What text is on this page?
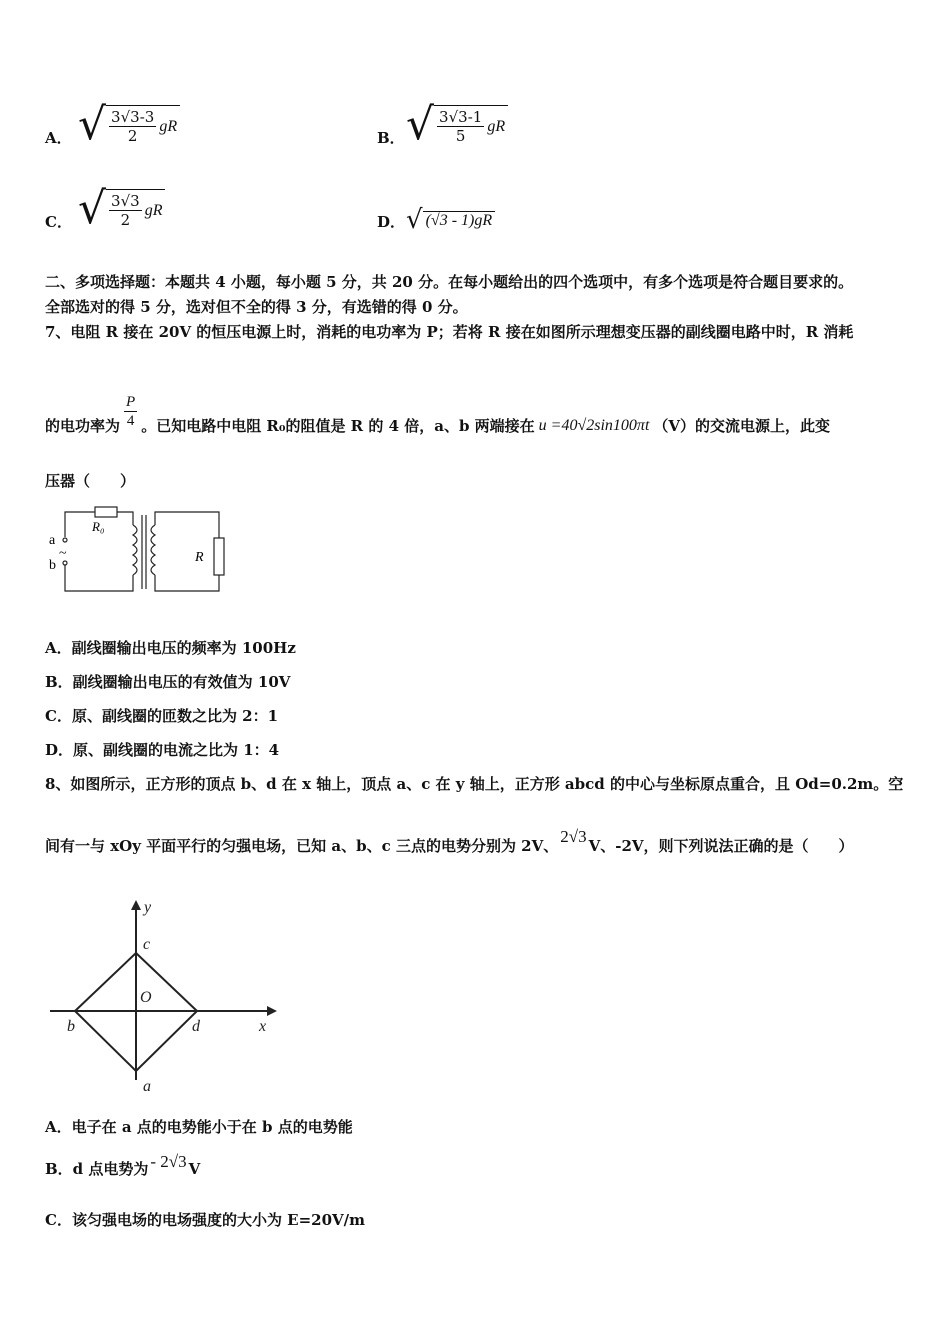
A． √ $\frac{3√3-3}{2}$ gR
B． √ $\frac{3√3-1}{5}$ gR
C． √ $\frac{3√3}{2}$ gR
D． √ (√3 - 1)gR
二、多项选择题：本题共 4 小题，每小题 5 分，共 20 分。在每小题给出的四个选项中，有多个选项是符合题目要求的。
全部选对的得 5 分，选对但不全的得 3 分，有选错的得 0 分。
7、电阻 R 接在 20V 的恒压电源上时，消耗的电功率为 P；若将 R 接在如图所示理想变压器的副线圈电路中时，R 消耗
的电功率为 $\frac{P}{4}$ 。已知电路中电阻 R₀的阻值是 R 的 4 倍，a、b 两端接在 u =40√2sin100πt （V）的交流电源上，此变
压器（　　）
a
b
~
R₀
R
A．副线圈输出电压的频率为 100Hz
B．副线圈输出电压的有效值为 10V
C．原、副线圈的匝数之比为 2：1
D．原、副线圈的电流之比为 1：4
8、如图所示，正方形的顶点 b、d 在 x 轴上，顶点 a、c 在 y 轴上，正方形 abcd 的中心与坐标原点重合，且 Od=0.2m。空
间有一与 xOy 平面平行的匀强电场，已知 a、b、c 三点的电势分别为 2V、
2√3
V、-2V，则下列说法正确的是（　　）
y
x
c
O
b	d
a
A．电子在 a 点的电势能小于在 b 点的电势能
B．d 点电势为 - 2√3 V
C．该匀强电场的电场强度的大小为 E=20V/m
